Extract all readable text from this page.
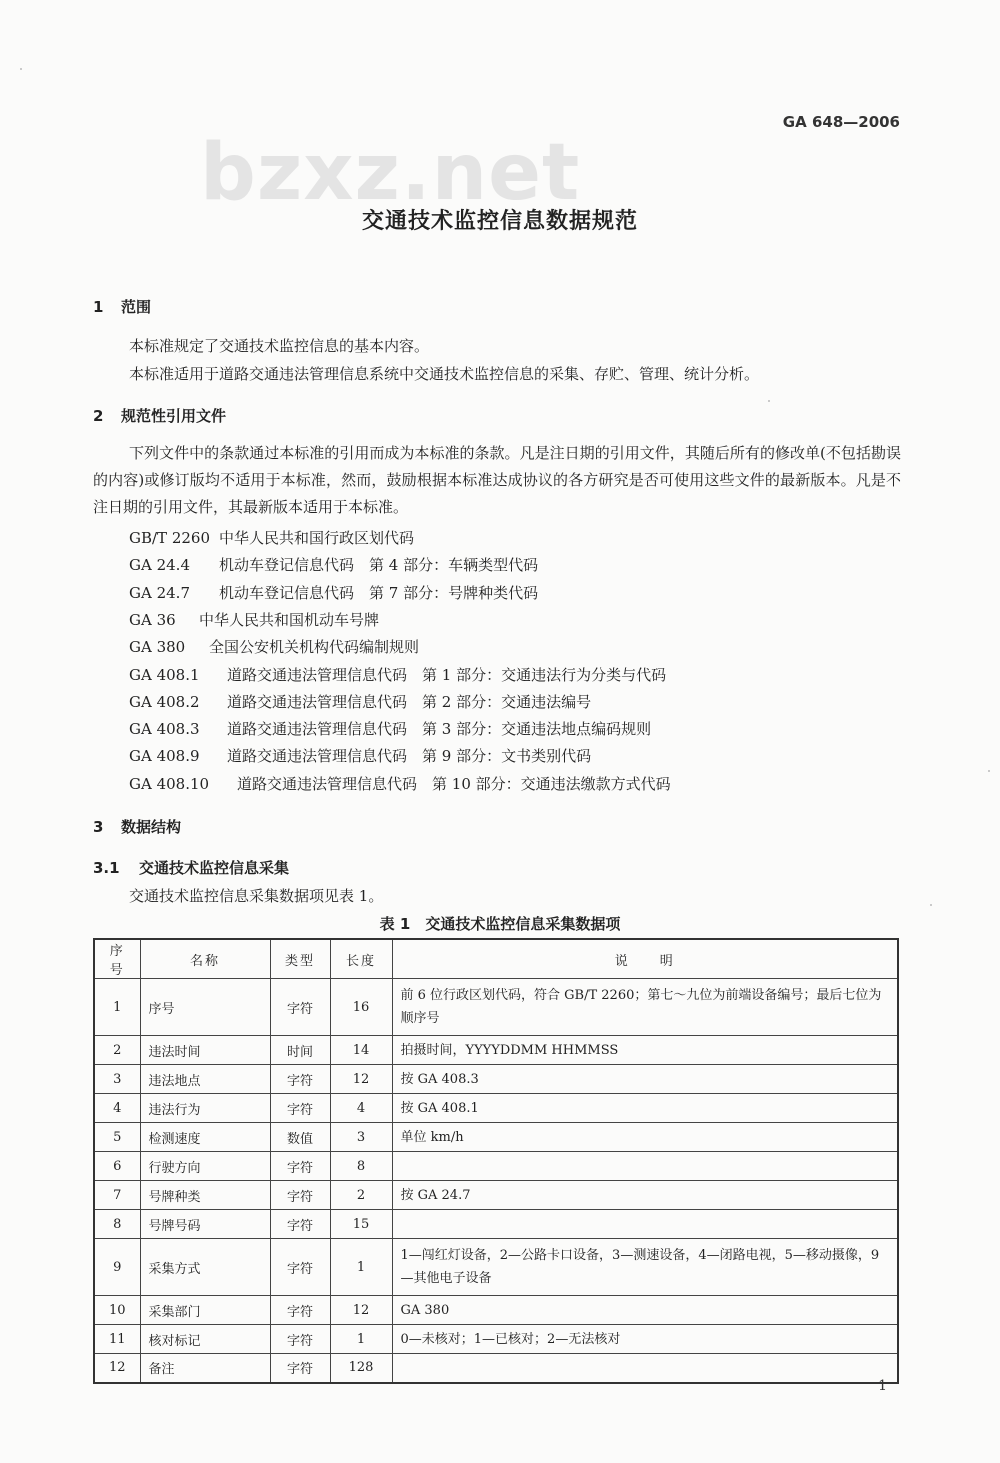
GA 648—2006
bzxz.net
交通技术监控信息数据规范
1 范围
本标准规定了交通技术监控信息的基本内容。
本标准适用于道路交通违法管理信息系统中交通技术监控信息的采集、存贮、管理、统计分析。
2 规范性引用文件
下列文件中的条款通过本标准的引用而成为本标准的条款。凡是注日期的引用文件，其随后所有的修改单(不包括勘误的内容)或修订版均不适用于本标准，然而，鼓励根据本标准达成协议的各方研究是否可使用这些文件的最新版本。凡是不注日期的引用文件，其最新版本适用于本标准。
GB/T 2260 中华人民共和国行政区划代码
GA 24.4 机动车登记信息代码　第 4 部分：车辆类型代码
GA 24.7 机动车登记信息代码　第 7 部分：号牌种类代码
GA 36 中华人民共和国机动车号牌
GA 380 全国公安机关机构代码编制规则
GA 408.1 道路交通违法管理信息代码　第 1 部分：交通违法行为分类与代码
GA 408.2 道路交通违法管理信息代码　第 2 部分：交通违法编号
GA 408.3 道路交通违法管理信息代码　第 3 部分：交通违法地点编码规则
GA 408.9 道路交通违法管理信息代码　第 9 部分：文书类别代码
GA 408.10 道路交通违法管理信息代码　第 10 部分：交通违法缴款方式代码
3 数据结构
3.1 交通技术监控信息采集
交通技术监控信息采集数据项见表 1。
表 1　交通技术监控信息采集数据项
序号	名称	类型	长度	说　　明
1	序号	字符	16	前 6 位行政区划代码，符合 GB/T 2260；第七～九位为前端设备编号；最后七位为顺序号
2	违法时间	时间	14	拍摄时间，YYYYDDMM HHMMSS
3	违法地点	字符	12	按 GA 408.3
4	违法行为	字符	4	按 GA 408.1
5	检测速度	数值	3	单位 km/h
6	行驶方向	字符	8	
7	号牌种类	字符	2	按 GA 24.7
8	号牌号码	字符	15	
9	采集方式	字符	1	1—闯红灯设备，2—公路卡口设备，3—测速设备，4—闭路电视，5—移动摄像，9—其他电子设备
10	采集部门	字符	12	GA 380
11	核对标记	字符	1	0—未核对；1—已核对；2—无法核对
12	备注	字符	128	
1
